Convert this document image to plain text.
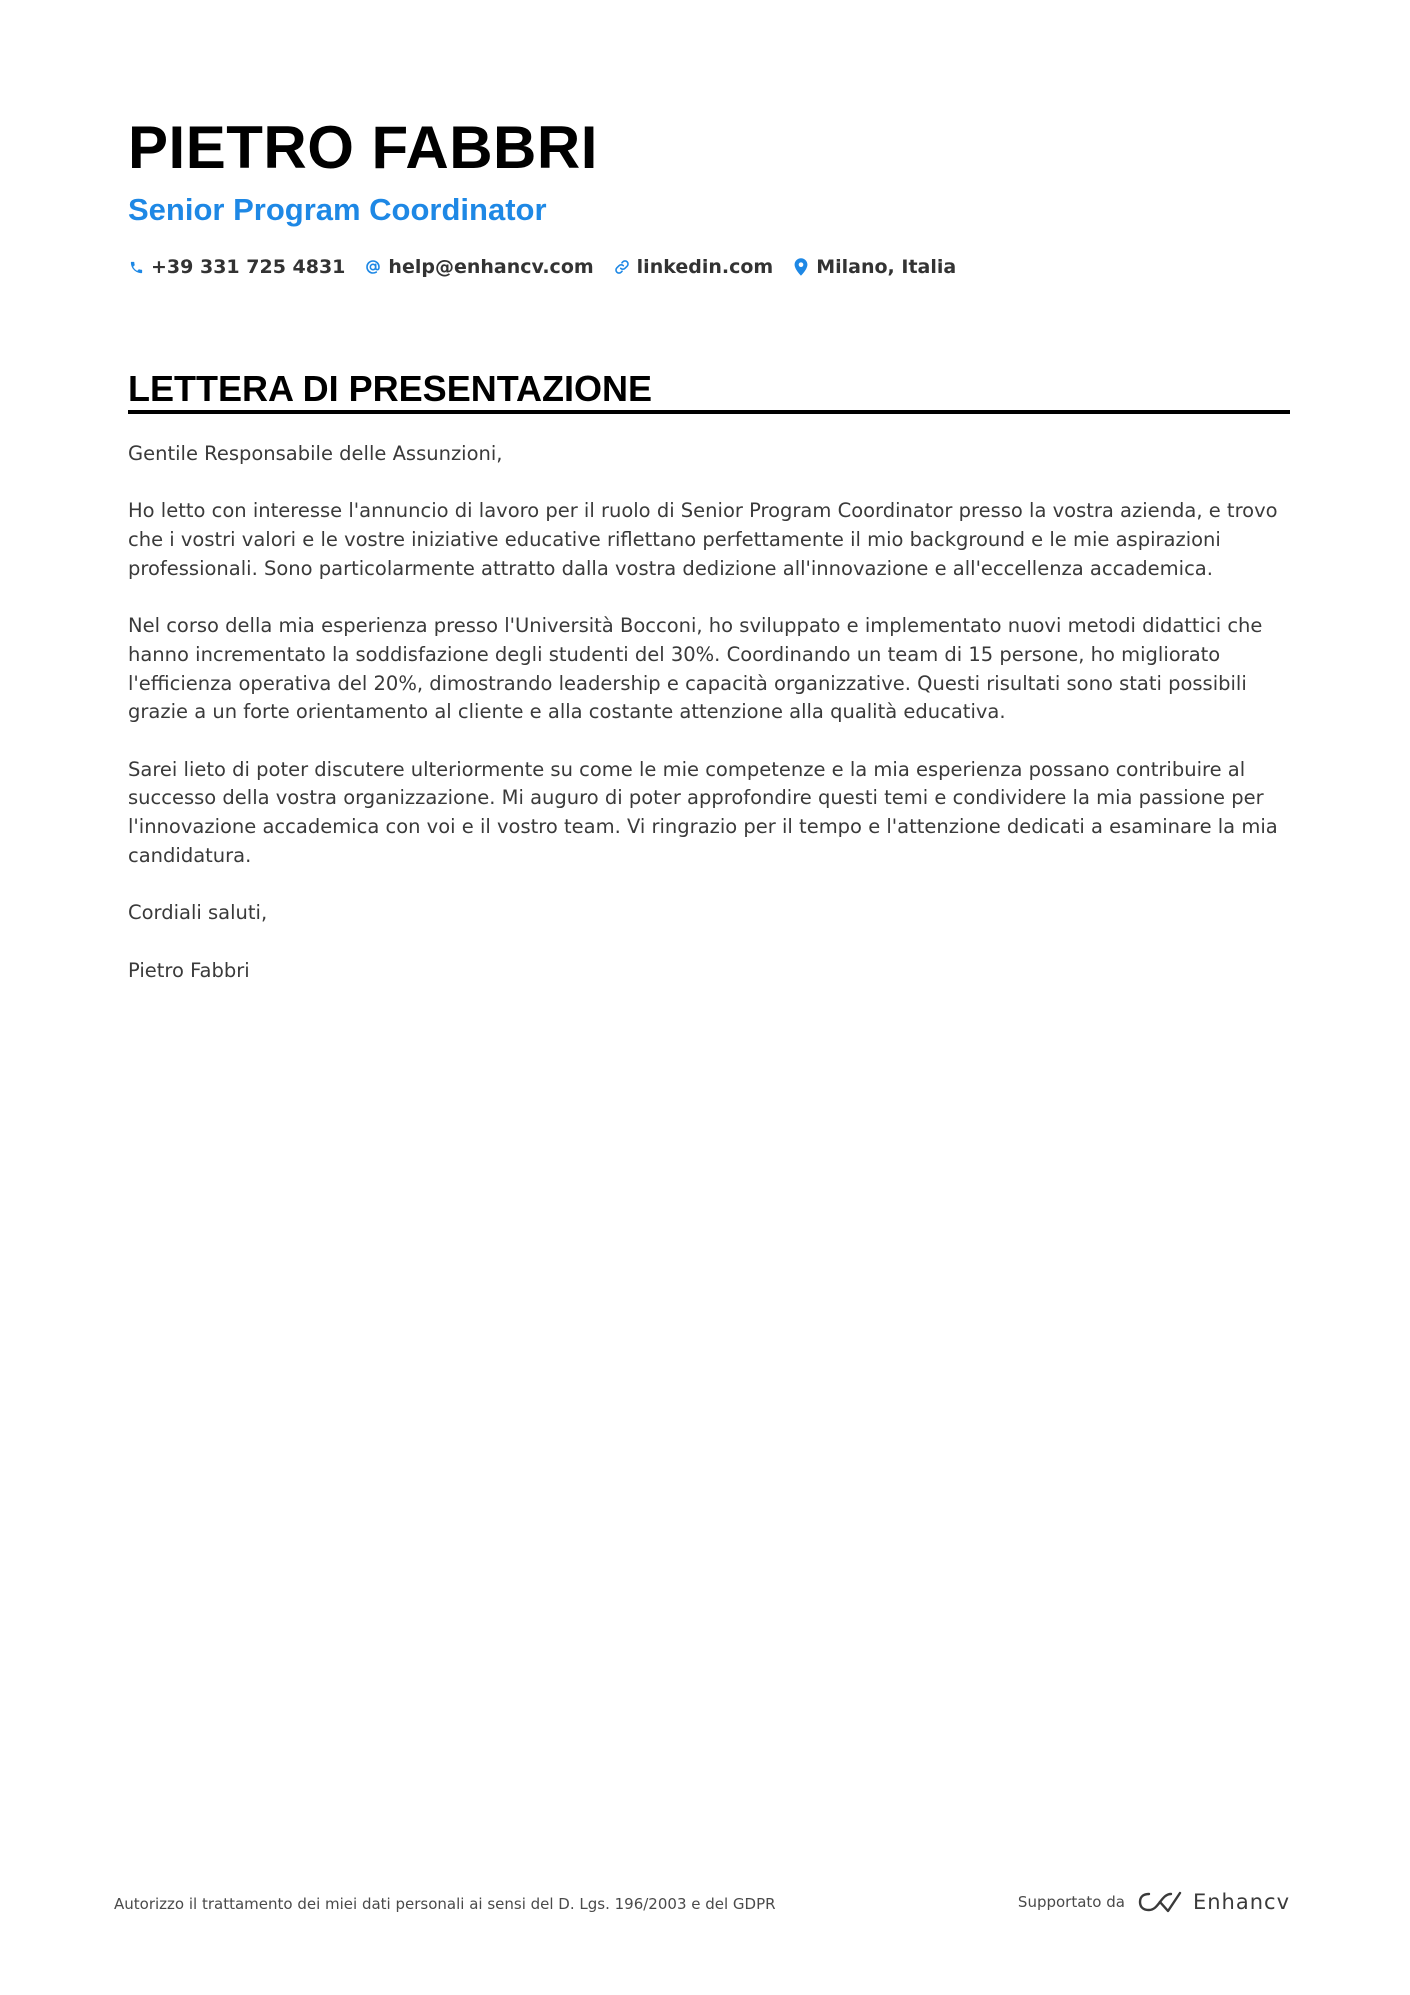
PIETRO FABBRI
Senior Program Coordinator
+39 331 725 4831 help@enhancv.com linkedin.com Milano, Italia
LETTERA DI PRESENTAZIONE

Gentile Responsabile delle Assunzioni,

Ho letto con interesse l'annuncio di lavoro per il ruolo di Senior Program Coordinator presso la vostra azienda, e trovo che i vostri valori e le vostre iniziative educative riflettano perfettamente il mio background e le mie aspirazioni professionali. Sono particolarmente attratto dalla vostra dedizione all'innovazione e all'eccellenza accademica.

Nel corso della mia esperienza presso l'Università Bocconi, ho sviluppato e implementato nuovi metodi didattici che hanno incrementato la soddisfazione degli studenti del 30%. Coordinando un team di 15 persone, ho migliorato l'efficienza operativa del 20%, dimostrando leadership e capacità organizzative. Questi risultati sono stati possibili grazie a un forte orientamento al cliente e alla costante attenzione alla qualità educativa.

Sarei lieto di poter discutere ulteriormente su come le mie competenze e la mia esperienza possano contribuire al successo della vostra organizzazione. Mi auguro di poter approfondire questi temi e condividere la mia passione per l'innovazione accademica con voi e il vostro team. Vi ringrazio per il tempo e l'attenzione dedicati a esaminare la mia candidatura.

Cordiali saluti,

Pietro Fabbri

Autorizzo il trattamento dei miei dati personali ai sensi del D. Lgs. 196/2003 e del GDPR	Supportato da	Enhancv
